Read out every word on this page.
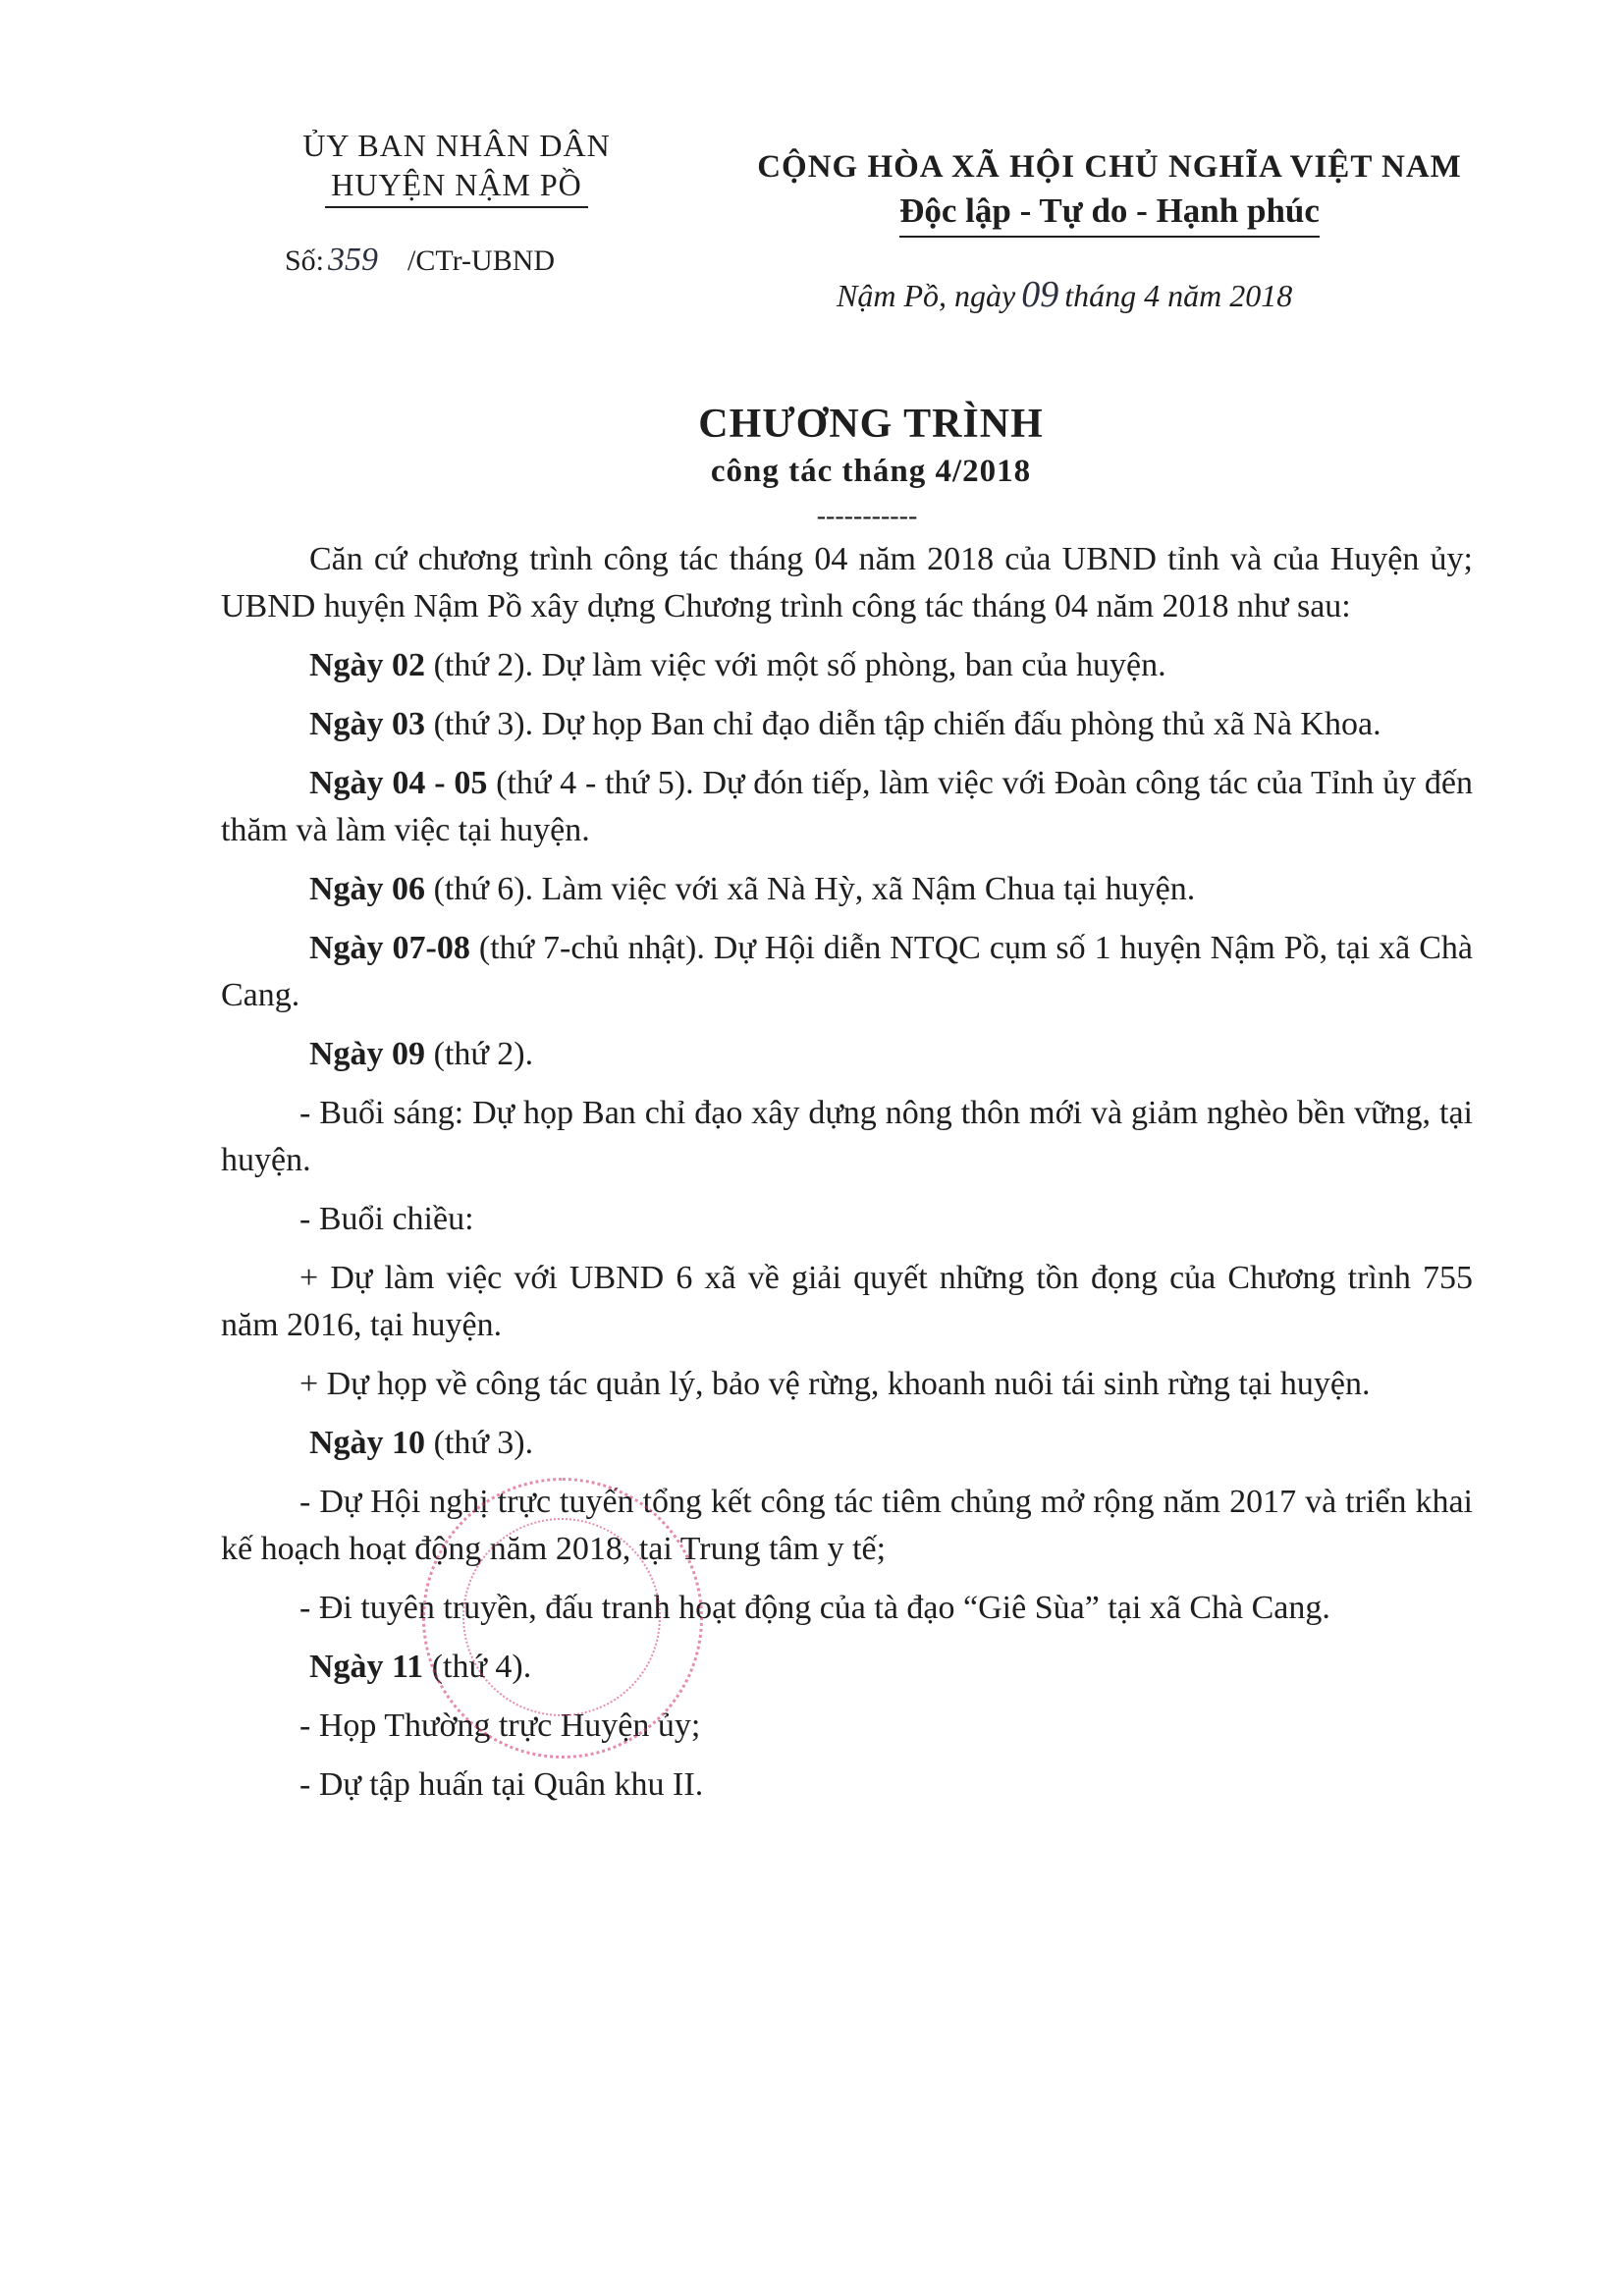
ỦY BAN NHÂN DÂN
HUYỆN NẬM PỒ
Số: 359 /CTr-UBND
CỘNG HÒA XÃ HỘI CHỦ NGHĨA VIỆT NAM
Độc lập - Tự do - Hạnh phúc
Nậm Pồ, ngày 09 tháng 4 năm 2018
CHƯƠNG TRÌNH
công tác tháng 4/2018
-----------

Căn cứ chương trình công tác tháng 04 năm 2018 của UBND tỉnh và của Huyện ủy; UBND huyện Nậm Pồ xây dựng Chương trình công tác tháng 04 năm 2018 như sau:

Ngày 02 (thứ 2). Dự làm việc với một số phòng, ban của huyện.

Ngày 03 (thứ 3). Dự họp Ban chỉ đạo diễn tập chiến đấu phòng thủ xã Nà Khoa.

Ngày 04 - 05 (thứ 4 - thứ 5). Dự đón tiếp, làm việc với Đoàn công tác của Tỉnh ủy đến thăm và làm việc tại huyện.

Ngày 06 (thứ 6). Làm việc với xã Nà Hỳ, xã Nậm Chua tại huyện.

Ngày 07-08 (thứ 7-chủ nhật). Dự Hội diễn NTQC cụm số 1 huyện Nậm Pồ, tại xã Chà Cang.

Ngày 09 (thứ 2).

- Buổi sáng: Dự họp Ban chỉ đạo xây dựng nông thôn mới và giảm nghèo bền vững, tại huyện.

- Buổi chiều:

+ Dự làm việc với UBND 6 xã về giải quyết những tồn đọng của Chương trình 755 năm 2016, tại huyện.

+ Dự họp về công tác quản lý, bảo vệ rừng, khoanh nuôi tái sinh rừng tại huyện.

Ngày 10 (thứ 3).

- Dự Hội nghị trực tuyến tổng kết công tác tiêm chủng mở rộng năm 2017 và triển khai kế hoạch hoạt động năm 2018, tại Trung tâm y tế;

- Đi tuyên truyền, đấu tranh hoạt động của tà đạo “Giê Sùa” tại xã Chà Cang.

Ngày 11 (thứ 4).

- Họp Thường trực Huyện ủy;

- Dự tập huấn tại Quân khu II.
